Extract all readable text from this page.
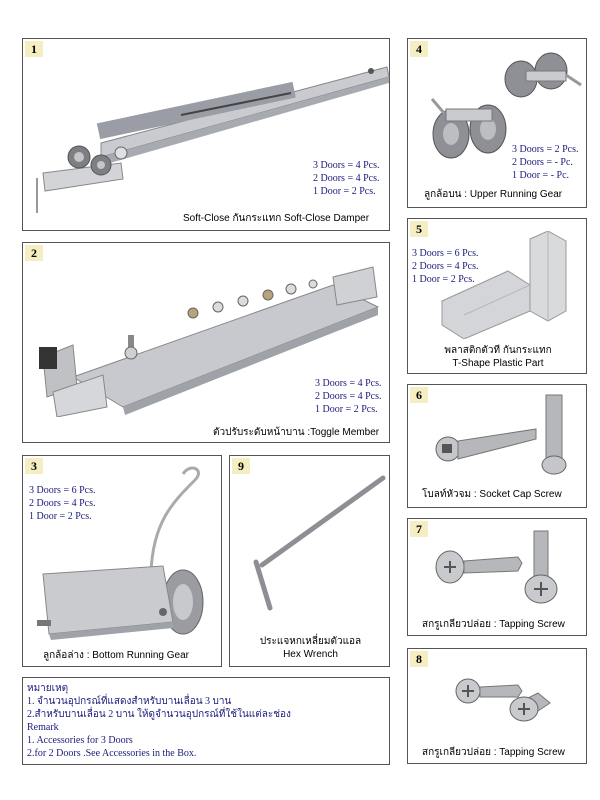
1
3 Doors = 4 Pcs.
2 Doors = 4 Pcs.
1 Door = 2 Pcs.
Soft-Close กันกระแทก Soft-Close Damper
2
3 Doors = 4 Pcs.
2 Doors = 4 Pcs.
1 Door = 2 Pcs.
ตัวปรับระดับหน้าบาน :Toggle Member
3
3 Doors = 6 Pcs.
2 Doors = 4 Pcs.
1 Door = 2 Pcs.
ลูกล้อล่าง : Bottom Running Gear
9
ประแจหกเหลี่ยมตัวแอล
Hex Wrench
หมายเหตุ
1. จำนวนอุปกรณ์ที่แสดงสำหรับบานเลื่อน 3 บาน
2.สำหรับบานเลื่อน 2 บาน ให้ดูจำนวนอุปกรณ์ที่ใช้ในแต่ละช่อง
Remark
1. Accessories for 3 Doors
2.for 2 Doors .See Accessories in the Box.
4
3 Doors = 2 Pcs.
2 Doors = - Pc.
1 Door = - Pc.
ลูกล้อบน : Upper Running Gear
5
3 Doors = 6 Pcs.
2 Doors = 4 Pcs.
1 Door = 2 Pcs.
พลาสติกตัวที กันกระแทก
T-Shape Plastic Part
6
โบลท์หัวจม : Socket Cap Screw
7
สกรูเกลียวปล่อย : Tapping Screw
8
สกรูเกลียวปล่อย : Tapping Screw
